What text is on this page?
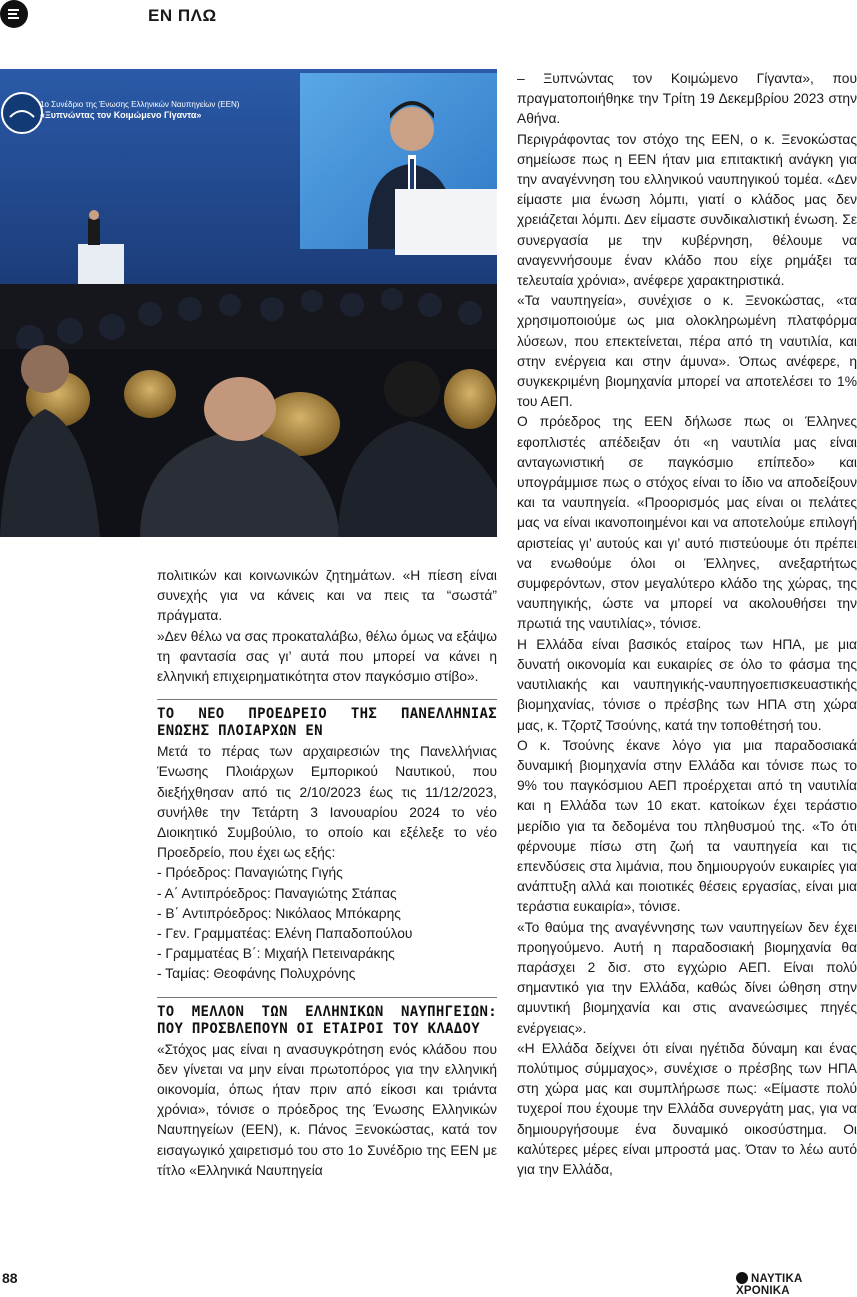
ΕΝ ΠΛΩ
1ο Συνέδριο της Ένωσης Ελληνικών Ναυπηγείων (ΕΕΝ)
«Ξυπνώντας τον Κοιμώμενο Γίγαντα»

πολιτικών και κοινωνικών ζητημάτων. «Η πίεση είναι συνεχής για να κάνεις και να πεις τα “σωστά” πράγματα.

»Δεν θέλω να σας προκαταλάβω, θέλω όμως να εξάψω τη φαντασία σας γι’ αυτά που μπορεί να κάνει η ελληνική επιχειρηματικότητα στον παγκόσμιο στίβο».

ΤΟ ΝΕΟ ΠΡΟΕΔΡΕΙΟ ΤΗΣ ΠΑΝΕΛΛΗΝΙΑΣ ΕΝΩΣΗΣ ΠΛΟΙΑΡΧΩΝ ΕΝ

Μετά το πέρας των αρχαιρεσιών της Πανελλήνιας Ένωσης Πλοιάρχων Εμπορικού Ναυτικού, που διεξήχθησαν από τις 2/10/2023 έως τις 11/12/2023, συνήλθε την Τετάρτη 3 Ιανουαρίου 2024 το νέο Διοικητικό Συμβούλιο, το οποίο και εξέλεξε το νέο Προεδρείο, που έχει ως εξής:

- Πρόεδρος: Παναγιώτης Γιγής
- Α΄ Αντιπρόεδρος: Παναγιώτης Στάπας
- Β΄ Αντιπρόεδρος: Νικόλαος Μπόκαρης
- Γεν. Γραμματέας: Ελένη Παπαδοπούλου
- Γραμματέας Β΄: Μιχαήλ Πετειναράκης
- Ταμίας: Θεοφάνης Πολυχρόνης
ΤΟ ΜΕΛΛΟΝ ΤΩΝ ΕΛΛΗΝΙΚΩΝ ΝΑΥΠΗΓΕΙΩΝ: ΠΟΥ ΠΡΟΣΒΛΕΠΟΥΝ ΟΙ ΕΤΑΙΡΟΙ ΤΟΥ ΚΛΑΔΟΥ

«Στόχος μας είναι η ανασυγκρότηση ενός κλάδου που δεν γίνεται να μην είναι πρωτοπόρος για την ελληνική οικονομία, όπως ήταν πριν από είκοσι και τριάντα χρόνια», τόνισε ο πρόεδρος της Ένωσης Ελληνικών Ναυπηγείων (ΕΕΝ), κ. Πάνος Ξενοκώστας, κατά τον εισαγωγικό χαιρετισμό του στο 1ο Συνέδριο της ΕΕΝ με τίτλο «Ελληνικά Ναυπηγεία

– Ξυπνώντας τον Κοιμώμενο Γίγαντα», που πραγματοποιήθηκε την Τρίτη 19 Δεκεμβρίου 2023 στην Αθήνα.

Περιγράφοντας τον στόχο της ΕΕΝ, ο κ. Ξενοκώστας σημείωσε πως η ΕΕΝ ήταν μια επιτακτική ανάγκη για την αναγέννηση του ελληνικού ναυπηγικού τομέα. «Δεν είμαστε μια ένωση λόμπι, γιατί ο κλάδος μας δεν χρειάζεται λόμπι. Δεν είμαστε συνδικαλιστική ένωση. Σε συνεργασία με την κυβέρνηση, θέλουμε να αναγεννήσουμε έναν κλάδο που είχε ρημάξει τα τελευταία χρόνια», ανέφερε χαρακτηριστικά.

«Τα ναυπηγεία», συνέχισε ο κ. Ξενοκώστας, «τα χρησιμοποιούμε ως μια ολοκληρωμένη πλατφόρμα λύσεων, που επεκτείνεται, πέρα από τη ναυτιλία, και στην ενέργεια και στην άμυνα». Όπως ανέφερε, η συγκεκριμένη βιομηχανία μπορεί να αποτελέσει το 1% του ΑΕΠ.

Ο πρόεδρος της ΕΕΝ δήλωσε πως οι Έλληνες εφοπλιστές απέδειξαν ότι «η ναυτιλία μας είναι ανταγωνιστική σε παγκόσμιο επίπεδο» και υπογράμμισε πως ο στόχος είναι το ίδιο να αποδείξουν και τα ναυπηγεία. «Προορισμός μας είναι οι πελάτες μας να είναι ικανοποιημένοι και να αποτελούμε επιλογή αριστείας γι’ αυτούς και γι’ αυτό πιστεύουμε ότι πρέπει να ενωθούμε όλοι οι Έλληνες, ανεξαρτήτως συμφερόντων, στον μεγαλύτερο κλάδο της χώρας, της ναυπηγικής, ώστε να μπορεί να ακολουθήσει την πρωτιά της ναυτιλίας», τόνισε.

Η Ελλάδα είναι βασικός εταίρος των ΗΠΑ, με μια δυνατή οικονομία και ευκαιρίες σε όλο το φάσμα της ναυτιλιακής και ναυπηγικής-ναυπηγοεπισκευαστικής βιομηχανίας, τόνισε ο πρέσβης των ΗΠΑ στη χώρα μας, κ. Τζορτζ Τσούνης, κατά την τοποθέτησή του.

Ο κ. Τσούνης έκανε λόγο για μια παραδοσιακά δυναμική βιομηχανία στην Ελλάδα και τόνισε πως το 9% του παγκόσμιου ΑΕΠ προέρχεται από τη ναυτιλία και η Ελλάδα των 10 εκατ. κατοίκων έχει τεράστιο μερίδιο για τα δεδομένα του πληθυσμού της. «Το ότι φέρνουμε πίσω στη ζωή τα ναυπηγεία και τις επενδύσεις στα λιμάνια, που δημιουργούν ευκαιρίες για ανάπτυξη αλλά και ποιοτικές θέσεις εργασίας, είναι μια τεράστια ευκαιρία», τόνισε.

«Το θαύμα της αναγέννησης των ναυπηγείων δεν έχει προηγούμενο. Αυτή η παραδοσιακή βιομηχανία θα παράσχει 2 δισ. στο εγχώριο ΑΕΠ. Είναι πολύ σημαντικό για την Ελλάδα, καθώς δίνει ώθηση στην αμυντική βιομηχανία και στις ανανεώσιμες πηγές ενέργειας».

«Η Ελλάδα δείχνει ότι είναι ηγέτιδα δύναμη και ένας πολύτιμος σύμμαχος», συνέχισε ο πρέσβης των ΗΠΑ στη χώρα μας και συμπλήρωσε πως: «Είμαστε πολύ τυχεροί που έχουμε την Ελλάδα συνεργάτη μας, για να δημιουργήσουμε ένα δυναμικό οικοσύστημα. Οι καλύτερες μέρες είναι μπροστά μας. Όταν το λέω αυτό για την Ελλάδα,

88	ΝΑΥΤΙΚΑ ΧΡΟΝΙΚΑ
